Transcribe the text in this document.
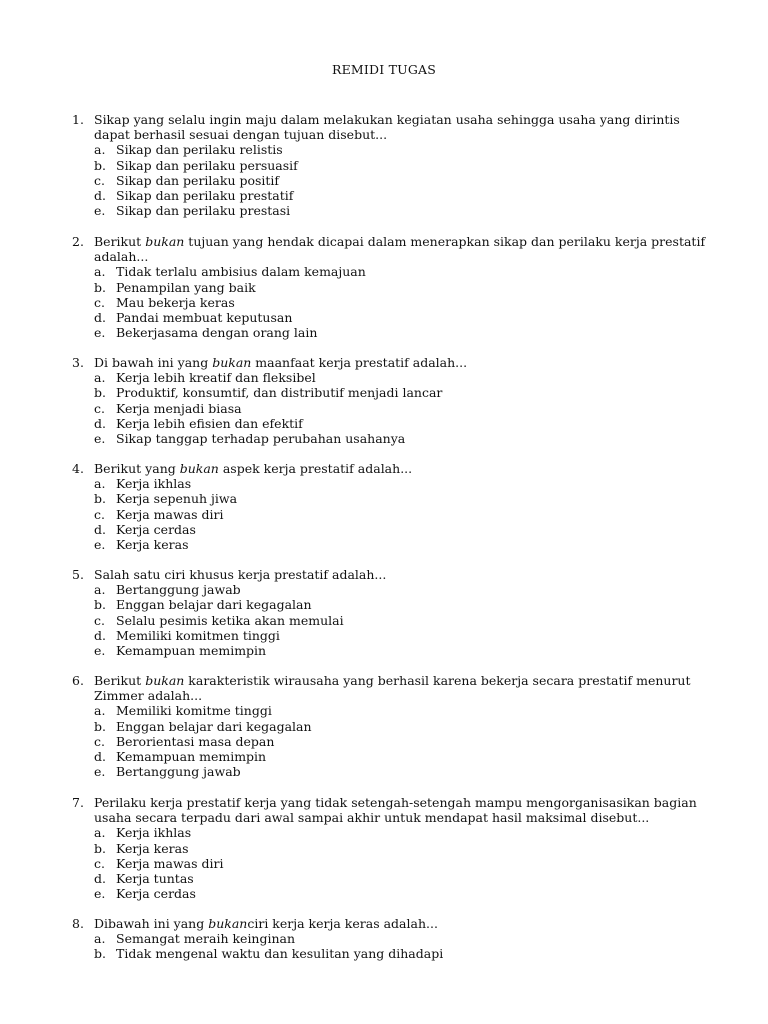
REMIDI TUGAS
1. Sikap yang selalu ingin maju dalam melakukan kegiatan usaha sehingga usaha yang dirintis dapat berhasil sesuai dengan tujuan disebut...
a. Sikap dan perilaku relistis
b. Sikap dan perilaku persuasif
c. Sikap dan perilaku positif
d. Sikap dan perilaku prestatif
e. Sikap dan perilaku prestasi
2. Berikut bukan tujuan yang hendak dicapai dalam menerapkan sikap dan perilaku kerja prestatif adalah...
a. Tidak terlalu ambisius dalam kemajuan
b. Penampilan yang baik
c. Mau bekerja keras
d. Pandai membuat keputusan
e. Bekerjasama dengan orang lain
3. Di bawah ini yang bukan maanfaat kerja prestatif adalah...
a. Kerja lebih kreatif dan fleksibel
b. Produktif, konsumtif, dan distributif menjadi lancar
c. Kerja menjadi biasa
d. Kerja lebih efisien dan efektif
e. Sikap tanggap terhadap perubahan usahanya
4. Berikut yang bukan aspek kerja prestatif adalah...
a. Kerja ikhlas
b. Kerja sepenuh jiwa
c. Kerja mawas diri
d. Kerja cerdas
e. Kerja keras
5. Salah satu ciri khusus kerja prestatif adalah...
a. Bertanggung jawab
b. Enggan belajar dari kegagalan
c. Selalu pesimis ketika akan memulai
d. Memiliki komitmen tinggi
e. Kemampuan memimpin
6. Berikut bukan karakteristik wirausaha yang berhasil karena bekerja secara prestatif menurut Zimmer adalah...
a. Memiliki komitme tinggi
b. Enggan belajar dari kegagalan
c. Berorientasi masa depan
d. Kemampuan memimpin
e. Bertanggung jawab
7. Perilaku kerja prestatif kerja yang tidak setengah-setengah mampu mengorganisasikan bagian usaha secara terpadu dari awal sampai akhir untuk mendapat hasil maksimal disebut...
a. Kerja ikhlas
b. Kerja keras
c. Kerja mawas diri
d. Kerja tuntas
e. Kerja cerdas
8. Dibawah ini yang bukanciri kerja kerja keras adalah...
a. Semangat meraih keinginan
b. Tidak mengenal waktu dan kesulitan yang dihadapi
